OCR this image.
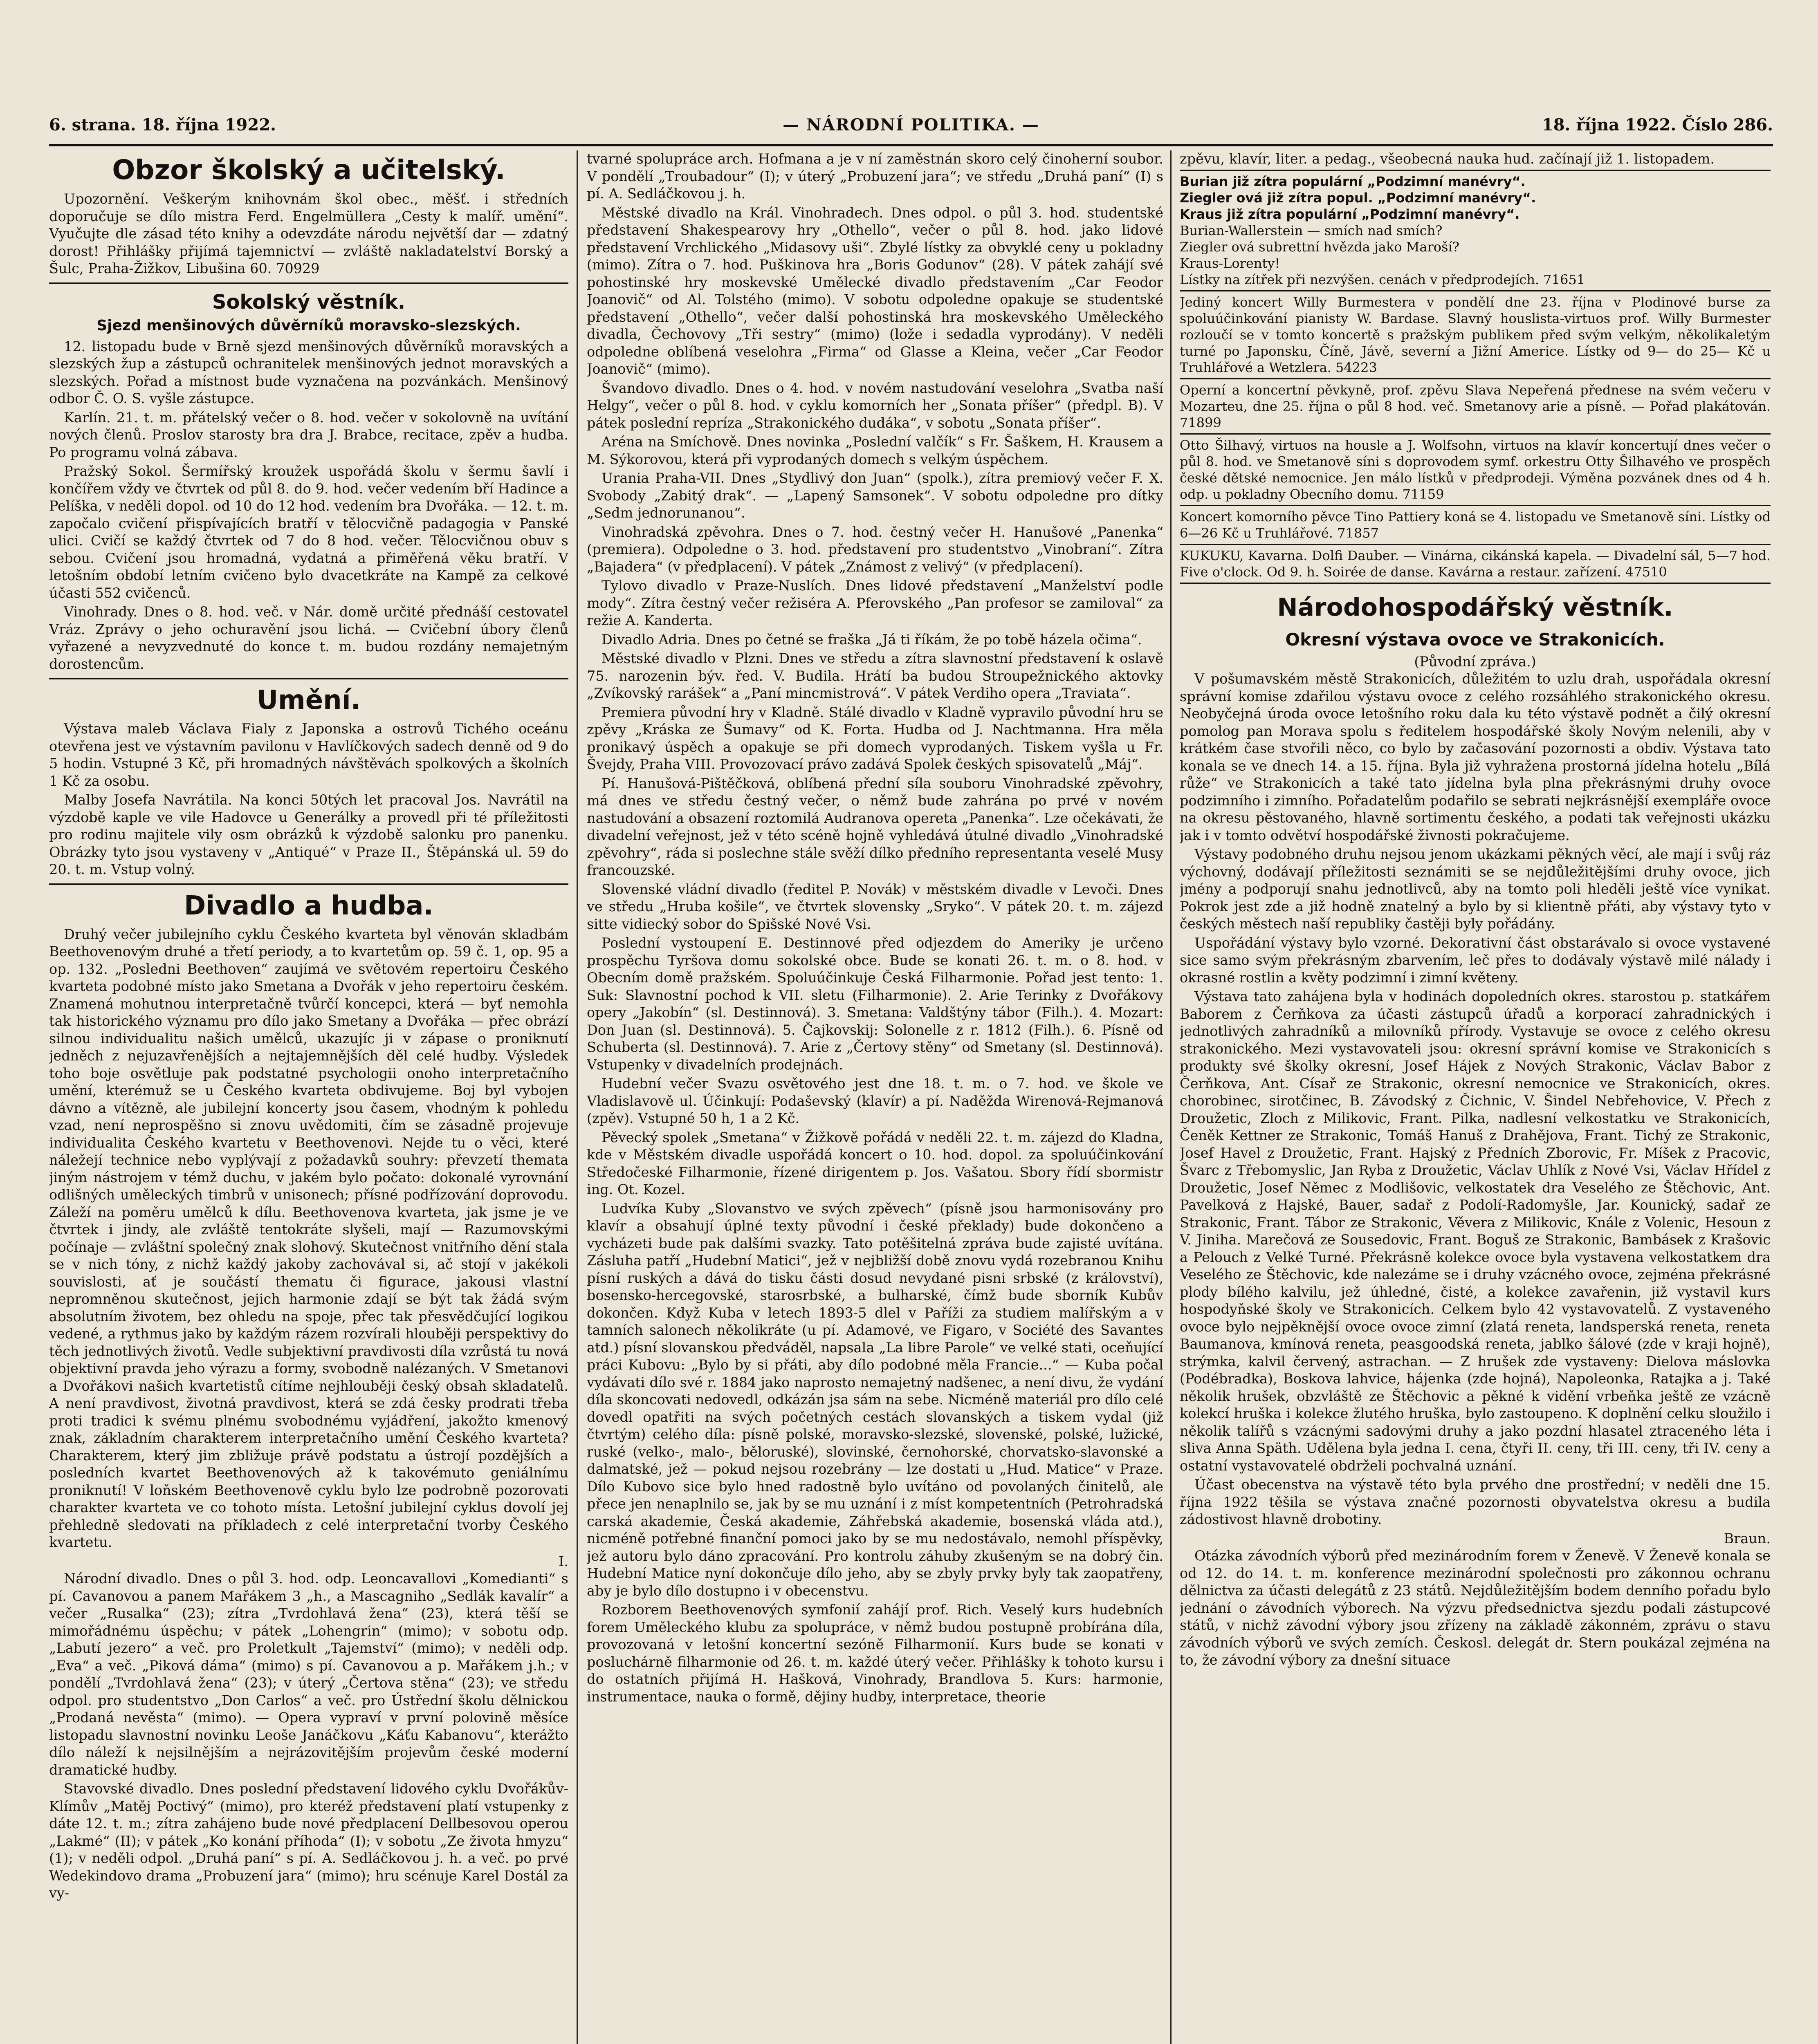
6. strana. 18. října 1922.	— NÁRODNÍ POLITIKA. —	18. října 1922. Číslo 286.
Obzor školský a učitelský.

Upozornění. Veškerým knihovnám škol obec., měšť. i středních doporučuje se dílo mistra Ferd. Engelmüllera „Cesty k malíř. umění“. Vyučujte dle zásad této knihy a odevzdáte národu největší dar — zdatný dorost! Přihlášky přijímá tajemnictví — zvláště nakladatelství Borský a Šulc, Praha-Žižkov, Libušina 60. 70929

Sokolský věstník.
Sjezd menšinových důvěrníků moravsko-slezských.

12. listopadu bude v Brně sjezd menšinových důvěrníků moravských a slezských žup a zástupců ochranitelek menšinových jednot moravských a slezských. Pořad a místnost bude vyznačena na pozvánkách. Menšinový odbor Č. O. S. vyšle zástupce.

Karlín. 21. t. m. přátelský večer o 8. hod. večer v sokolovně na uvítání nových členů. Proslov starosty bra dra J. Brabce, recitace, zpěv a hudba. Po programu volná zábava.

Pražský Sokol. Šermířský kroužek uspořádá školu v šermu šavlí i končířem vždy ve čtvrtek od půl 8. do 9. hod. večer vedením bří Hadince a Pelíška, v neděli dopol. od 10 do 12 hod. vedením bra Dvořáka. — 12. t. m. započalo cvičení přispívajících bratří v tělocvičně padagogia v Panské ulici. Cvičí se každý čtvrtek od 7 do 8 hod. večer. Tělocvičnou obuv s sebou. Cvičení jsou hromadná, vydatná a přiměřená věku bratří. V letošním období letním cvičeno bylo dvacetkráte na Kampě za celkové účasti 552 cvičenců.

Vinohrady. Dnes o 8. hod. več. v Nár. domě určité přednáší cestovatel Vráz. Zprávy o jeho ochuravění jsou lichá. — Cvičební úbory členů vyřazené a nevyzvednuté do konce t. m. budou rozdány nemajetným dorostencům.

Umění.

Výstava maleb Václava Fialy z Japonska a ostrovů Tichého oceánu otevřena jest ve výstavním pavilonu v Havlíčkových sadech denně od 9 do 5 hodin. Vstupné 3 Kč, při hromadných návštěvách spolkových a školních 1 Kč za osobu.

Malby Josefa Navrátila. Na konci 50tých let pracoval Jos. Navrátil na výzdobě kaple ve vile Hadovce u Generálky a provedl při té příležitosti pro rodinu majitele vily osm obrázků k výzdobě salonku pro panenku. Obrázky tyto jsou vystaveny v „Antiqué“ v Praze II., Štěpánská ul. 59 do 20. t. m. Vstup volný.

Divadlo a hudba.

Druhý večer jubilejního cyklu Českého kvarteta byl věnován skladbám Beethovenovým druhé a třetí periody, a to kvartetům op. 59 č. 1, op. 95 a op. 132. „Posledni Beethoven“ zaujímá ve světovém repertoiru Českého kvarteta podobné místo jako Smetana a Dvořák v jeho repertoiru českém. Znamená mohutnou interpretačně tvůrčí koncepci, která — byť nemohla tak historického významu pro dílo jako Smetany a Dvořáka — přec obrází silnou individualitu našich umělců, ukazujíc ji v zápase o proniknutí jedněch z nejuzavřenějších a nejtajemnějších děl celé hudby. Výsledek toho boje osvětluje pak podstatné psychologii onoho interpretačního umění, kterémuž se u Českého kvarteta obdivujeme. Boj byl vybojen dávno a vítězně, ale jubilejní koncerty jsou časem, vhodným k pohledu vzad, není neprospěšno si znovu uvědomiti, čím se zásadně projevuje individualita Českého kvartetu v Beethovenovi. Nejde tu o věci, které náležejí technice nebo vyplývají z požadavků souhry: převzetí themata jiným nástrojem v témž duchu, v jakém bylo počato: dokonalé vyrovnání odlišných uměleckých timbrů v unisonech; přísné podřízování doprovodu. Záleží na poměru umělců k dílu. Beethovenova kvarteta, jak jsme je ve čtvrtek i jindy, ale zvláště tentokráte slyšeli, mají — Razumovskými počínaje — zvláštní společný znak slohový. Skutečnost vnitřního dění stala se v nich tóny, z nichž každý jakoby zachovával si, ač stojí v jakékoli souvislosti, ať je součástí thematu či figurace, jakousi vlastní nepromněnou skutečnost, jejich harmonie zdají se být tak žádá svým absolutním životem, bez ohledu na spoje, přec tak přesvědčující logikou vedené, a rythmus jako by každým rázem rozvírali hlouběji perspektivy do těch jednotlivých životů. Vedle subjektivní pravdivosti díla vzrůstá tu nová objektivní pravda jeho výrazu a formy, svobodně nalézaných. V Smetanovi a Dvořákovi našich kvartetistů cítíme nejhlouběji český obsah skladatelů. A není pravdivost, životná pravdivost, která se zdá česky prodrati třeba proti tradici k svému plnému svobodnému vyjádření, jakožto kmenový znak, základním charakterem interpretačního umění Českého kvarteta? Charakterem, který jim zbližuje právě podstatu a ústrojí pozdějších a posledních kvartet Beethovenových až k takovémuto geniálnímu proniknutí! V loňském Beethovenově cyklu bylo lze podrobně pozorovati charakter kvarteta ve co tohoto místa. Letošní jubilejní cyklus dovolí jej přehledně sledovati na příkladech z celé interpretační tvorby Českého kvartetu.

I.

Národní divadlo. Dnes o půl 3. hod. odp. Leoncavallovi „Komedianti“ s pí. Cavanovou a panem Mařákem 3 „h., a Mascagniho „Sedlák kavalír“ a večer „Rusalka“ (23); zítra „Tvrdohlavá žena“ (23), která těší se mimořádnému úspěchu; v pátek „Lohengrin“ (mimo); v sobotu odp. „Labutí jezero“ a več. pro Proletkult „Tajemství“ (mimo); v neděli odp. „Eva“ a več. „Piková dáma“ (mimo) s pí. Cavanovou a p. Mařákem j.h.; v pondělí „Tvrdohlavá žena“ (23); v úterý „Čertova stěna“ (23); ve středu odpol. pro studentstvo „Don Carlos“ a več. pro Ústřední školu dělnickou „Prodaná nevěsta“ (mimo). — Opera vypraví v první polovině měsíce listopadu slavnostní novinku Leoše Janáčkovu „Káťu Kabanovu“, kterážto dílo náleží k nejsilnějším a nejrázovitějším projevům české moderní dramatické hudby.

Stavovské divadlo. Dnes poslední představení lidového cyklu Dvořákův-Klímův „Matěj Poctivý“ (mimo), pro kteréž představení platí vstupenky z dáte 12. t. m.; zítra zahájeno bude nové předplacení Dellbesovou operou „Lakmé“ (II); v pátek „Ko konání příhoda“ (I); v sobotu „Ze života hmyzu“ (1); v neděli odpol. „Druhá paní“ s pí. A. Sedláčkovou j. h. a več. po prvé Wedekindovo drama „Probuzení jara“ (mimo); hru scénuje Karel Dostál za vy-

tvarné spolupráce arch. Hofmana a je v ní zaměstnán skoro celý činoherní soubor. V pondělí „Troubadour“ (I); v úterý „Probuzení jara“; ve středu „Druhá paní“ (I) s pí. A. Sedláčkovou j. h.

Městské divadlo na Král. Vinohradech. Dnes odpol. o půl 3. hod. studentské představení Shakespearovy hry „Othello“, večer o půl 8. hod. jako lidové představení Vrchlického „Midasovy uši“. Zbylé lístky za obvyklé ceny u pokladny (mimo). Zítra o 7. hod. Puškinova hra „Boris Godunov“ (28). V pátek zahájí své pohostinské hry moskevské Umělecké divadlo představením „Car Feodor Joanovič“ od Al. Tolstého (mimo). V sobotu odpoledne opakuje se studentské představení „Othello“, večer další pohostinská hra moskevského Uměleckého divadla, Čechovovy „Tři sestry“ (mimo) (lože i sedadla vyprodány). V neděli odpoledne oblíbená veselohra „Firma“ od Glasse a Kleina, večer „Car Feodor Joanovič“ (mimo).

Švandovo divadlo. Dnes o 4. hod. v novém nastudování veselohra „Svatba naší Helgy“, večer o půl 8. hod. v cyklu komorních her „Sonata příšer“ (předpl. B). V pátek poslední repríza „Strakonického dudáka“, v sobotu „Sonata příšer“.

Aréna na Smíchově. Dnes novinka „Poslední valčík“ s Fr. Šaškem, H. Krausem a M. Sýkorovou, která při vyprodaných domech s velkým úspěchem.

Urania Praha-VII. Dnes „Stydlivý don Juan“ (spolk.), zítra premiový večer F. X. Svobody „Zabitý drak“. — „Lapený Samsonek“. V sobotu odpoledne pro dítky „Sedm jednorunanou“.

Vinohradská zpěvohra. Dnes o 7. hod. čestný večer H. Hanušové „Panenka“ (premiera). Odpoledne o 3. hod. představení pro studentstvo „Vinobraní“. Zítra „Bajadera“ (v předplacení). V pátek „Známost z velivý“ (v předplacení).

Tylovo divadlo v Praze-Nuslích. Dnes lidové představení „Manželství podle mody“. Zítra čestný večer režiséra A. Pferovského „Pan profesor se zamiloval“ za režie A. Kanderta.

Divadlo Adria. Dnes po četné se fraška „Já ti říkám, že po tobě házela očima“.

Městské divadlo v Plzni. Dnes ve středu a zítra slavnostní představení k oslavě 75. narozenin býv. řed. V. Budila. Hrátí ba budou Stroupežnického aktovky „Zvíkovský rarášek“ a „Paní mincmistrová“. V pátek Verdiho opera „Traviata“.

Premiera původní hry v Kladně. Stálé divadlo v Kladně vypravilo původní hru se zpěvy „Kráska ze Šumavy“ od K. Forta. Hudba od J. Nachtmanna. Hra měla pronikavý úspěch a opakuje se při domech vyprodaných. Tiskem vyšla u Fr. Švejdy, Praha VIII. Provozovací právo zadává Spolek českých spisovatelů „Máj“.

Pí. Hanušová-Pištěčková, oblíbená přední síla souboru Vinohradské zpěvohry, má dnes ve středu čestný večer, o němž bude zahrána po prvé v novém nastudování a obsazení roztomilá Audranova opereta „Panenka“. Lze očekávati, že divadelní veřejnost, jež v této scéně hojně vyhledává útulné divadlo „Vinohradské zpěvohry“, ráda si poslechne stále svěží dílko předního representanta veselé Musy francouzské.

Slovenské vládní divadlo (ředitel P. Novák) v městském divadle v Levoči. Dnes ve středu „Hruba košile“, ve čtvrtek slovensky „Sryko“. V pátek 20. t. m. zájezd sitte vidiecký sobor do Spišské Nové Vsi.

Poslední vystoupení E. Destinnové před odjezdem do Ameriky je určeno prospěchu Tyršova domu sokolské obce. Bude se konati 26. t. m. o 8. hod. v Obecním domě pražském. Spoluúčinkuje Česká Filharmonie. Pořad jest tento: 1. Suk: Slavnostní pochod k VII. sletu (Filharmonie). 2. Arie Terinky z Dvořákovy opery „Jakobín“ (sl. Destinnová). 3. Smetana: Valdštýny tábor (Filh.). 4. Mozart: Don Juan (sl. Destinnová). 5. Čajkovskij: Solonelle z r. 1812 (Filh.). 6. Písně od Schuberta (sl. Destinnová). 7. Arie z „Čertovy stěny“ od Smetany (sl. Destinnová). Vstupenky v divadelních prodejnách.

Hudební večer Svazu osvětového jest dne 18. t. m. o 7. hod. ve škole ve Vladislavově ul. Účinkují: Podaševský (klavír) a pí. Naděžda Wirenová-Rejmanová (zpěv). Vstupné 50 h, 1 a 2 Kč.

Pěvecký spolek „Smetana“ v Žižkově pořádá v neděli 22. t. m. zájezd do Kladna, kde v Městském divadle uspořádá koncert o 10. hod. dopol. za spoluúčinkování Středočeské Filharmonie, řízené dirigentem p. Jos. Vašatou. Sbory řídí sbormistr ing. Ot. Kozel.

Ludvíka Kuby „Slovanstvo ve svých zpěvech“ (písně jsou harmonisovány pro klavír a obsahují úplné texty původní i české překlady) bude dokončeno a vycházeti bude pak dalšími svazky. Tato potěšitelná zpráva bude zajisté uvítána. Zásluha patří „Hudební Matici“, jež v nejbližší době znovu vydá rozebranou Knihu písní ruských a dává do tisku části dosud nevydané pisni srbské (z království), bosensko-hercegovské, starosrbské, a bulharské, čímž bude sborník Kubův dokončen. Když Kuba v letech 1893-5 dlel v Paříži za studiem malířským a v tamních salonech několikráte (u pí. Adamové, ve Figaro, v Société des Savantes atd.) písní slovanskou předváděl, napsala „La libre Parole“ ve velké stati, oceňující práci Kubovu: „Bylo by si přáti, aby dílo podobné měla Francie...“ — Kuba počal vydávati dílo své r. 1884 jako naprosto nemajetný nadšenec, a není divu, že vydání díla skoncovati nedovedl, odkázán jsa sám na sebe. Nicméně materiál pro dílo celé dovedl opatřiti na svých početných cestách slovanských a tiskem vydal (již čtvrtým) celého díla: písně polské, moravsko-slezské, slovenské, polské, lužické, ruské (velko-, malo-, běloruské), slovinské, černohorské, chorvatsko-slavonské a dalmatské, jež — pokud nejsou rozebrány — lze dostati u „Hud. Matice“ v Praze. Dílo Kubovo sice bylo hned radostně bylo uvítáno od povolaných činitelů, ale přece jen nenaplnilo se, jak by se mu uznání i z míst kompetentních (Petrohradská carská akademie, Česká akademie, Záhřebská akademie, bosenská vláda atd.), nicméně potřebné finanční pomoci jako by se mu nedostávalo, nemohl příspěvky, jež autoru bylo dáno zpracování. Pro kontrolu záhuby zkušeným se na dobrý čin. Hudební Matice nyní dokončuje dílo jeho, aby se zbyly prvky byly tak zaopatřeny, aby je bylo dílo dostupno i v obecenstvu.

Rozborem Beethovenových symfonií zahájí prof. Rich. Veselý kurs hudebních forem Uměleckého klubu za spolupráce, v němž budou postupně probírána díla, provozovaná v letošní koncertní sezóně Filharmonií. Kurs bude se konati v posluchárně filharmonie od 26. t. m. každé úterý večer. Přihlášky k tohoto kursu i do ostatních přijímá H. Hašková, Vinohrady, Brandlova 5. Kurs: harmonie, instrumentace, nauka o formě, dějiny hudby, interpretace, theorie

zpěvu, klavír, liter. a pedag., všeobecná nauka hud. začínají již 1. listopadem.

Burian již zítra populární „Podzimní manévry“.
Ziegler ová již zítra popul. „Podzimní manévry“.
Kraus již zítra populární „Podzimní manévry“.
Burian-Wallerstein — smích nad smích?
Ziegler ová subrettní hvězda jako Maroší?
Kraus-Lorenty!
Lístky na zítřek při nezvýšen. cenách v předprodejích. 71651
Jediný koncert Willy Burmestera v pondělí dne 23. října v Plodinové burse za spoluúčinkování pianisty W. Bardase. Slavný houslista-virtuos prof. Willy Burmester rozloučí se v tomto koncertě s pražským publikem před svým velkým, několikaletým turné po Japonsku, Číně, Jávě, severní a Jižní Americe. Lístky od 9— do 25— Kč u Truhlářové a Wetzlera. 54223
Operní a koncertní pěvkyně, prof. zpěvu Slava Nepeřená přednese na svém večeru v Mozarteu, dne 25. října o půl 8 hod. več. Smetanovy arie a písně. — Pořad plakátován. 71899
Otto Šilhavý, virtuos na housle a J. Wolfsohn, virtuos na klavír koncertují dnes večer o půl 8. hod. ve Smetanově síni s doprovodem symf. orkestru Otty Šilhavého ve prospěch české dětské nemocnice. Jen málo lístků v předprodeji. Výměna pozvánek dnes od 4 h. odp. u pokladny Obecního domu. 71159
Koncert komorního pěvce Tino Pattiery koná se 4. listopadu ve Smetanově síni. Lístky od 6—26 Kč u Truhlářové. 71857
KUKUKU, Kavarna. Dolfi Dauber. — Vinárna, cikánská kapela. — Divadelní sál, 5—7 hod. Five o'clock. Od 9. h. Soirée de danse. Kavárna a restaur. zařízení. 47510
Národohospodářský věstník.
Okresní výstava ovoce ve Strakonicích.
(Původní zpráva.)

V pošumavském městě Strakonicích, důležitém to uzlu drah, uspořádala okresní správní komise zdařilou výstavu ovoce z celého rozsáhlého strakonického okresu. Neobyčejná úroda ovoce letošního roku dala ku této výstavě podnět a čilý okresní pomolog pan Morava spolu s ředitelem hospodářské školy Novým nelenili, aby v krátkém čase stvořili něco, co bylo by začasování pozornosti a obdiv. Výstava tato konala se ve dnech 14. a 15. října. Byla již vyhražena prostorná jídelna hotelu „Bílá růže“ ve Strakonicích a také tato jídelna byla plna překrásnými druhy ovoce podzimního i zimního. Pořadatelům podařilo se sebrati nejkrásnější exempláře ovoce na okresu pěstovaného, hlavně sortimentu českého, a podati tak veřejnosti ukázku jak i v tomto odvětví hospodářské živnosti pokračujeme.

Výstavy podobného druhu nejsou jenom ukázkami pěkných věcí, ale mají i svůj ráz výchovný, dodávají příležitosti seznámiti se se nejdůležitějšími druhy ovoce, jich jmény a podporují snahu jednotlivců, aby na tomto poli hleděli ještě více vynikat. Pokrok jest zde a již hodně znatelný a bylo by si klientně přáti, aby výstavy tyto v českých městech naší republiky častěji byly pořádány.

Uspořádání výstavy bylo vzorné. Dekorativní část obstarávalo si ovoce vystavené sice samo svým překrásným zbarvením, leč přes to dodávaly výstavě milé nálady i okrasné rostlin a květy podzimní i zimní květeny.

Výstava tato zahájena byla v hodinách dopoledních okres. starostou p. statkářem Baborem z Čerňkova za účasti zástupců úřadů a korporací zahradnických i jednotlivých zahradníků a milovníků přírody. Vystavuje se ovoce z celého okresu strakonického. Mezi vystavovateli jsou: okresní správní komise ve Strakonicích s produkty své školky okresní, Josef Hájek z Nových Strakonic, Václav Babor z Čerňkova, Ant. Císař ze Strakonic, okresní nemocnice ve Strakonicích, okres. chorobinec, sirotčinec, B. Závodský z Čichnic, V. Šindel Nebřehovice, V. Přech z Droužetic, Zloch z Milikovic, Frant. Pilka, nadlesní velkostatku ve Strakonicích, Čeněk Kettner ze Strakonic, Tomáš Hanuš z Drahějova, Frant. Tichý ze Strakonic, Josef Havel z Droužetic, Frant. Hajský z Předních Zborovic, Fr. Míšek z Pracovic, Švarc z Třebomyslic, Jan Ryba z Droužetic, Václav Uhlík z Nové Vsi, Václav Hřídel z Droužetic, Josef Němec z Modlišovic, velkostatek dra Veselého ze Štěchovic, Ant. Pavelková z Hajské, Bauer, sadař z Podolí-Radomyšle, Jar. Kounický, sadař ze Strakonic, Frant. Tábor ze Strakonic, Věvera z Milikovic, Knále z Volenic, Hesoun z V. Jiniha. Marečová ze Sousedovic, Frant. Boguš ze Strakonic, Bambásek z Krašovic a Pelouch z Velké Turné. Překrásně kolekce ovoce byla vystavena velkostatkem dra Veselého ze Štěchovic, kde nalezáme se i druhy vzácného ovoce, zejména překrásné plody bílého kalvilu, jež úhledné, čisté, a kolekce zavařenin, již vystavil kurs hospodyňské školy ve Strakonicích. Celkem bylo 42 vystavovatelů. Z vystaveného ovoce bylo nejpěknější ovoce ovoce zimní (zlatá reneta, landsperská reneta, reneta Baumanova, kmínová reneta, peasgoodská reneta, jablko šálové (zde v kraji hojně), strýmka, kalvil červený, astrachan. — Z hrušek zde vystaveny: Dielova máslovka (Podébradka), Boskova lahvice, hájenka (zde hojná), Napoleonka, Ratajka a j. Také několik hrušek, obzvláště ze Štěchovic a pěkné k vidění vrbeňka ještě ze vzácně kolekcí hruška i kolekce žlutého hruška, bylo zastoupeno. K doplnění celku sloužilo i několik talířů s vzácnými sadovými druhy a jako pozdní hlasatel ztraceného léta i sliva Anna Späth. Udělena byla jedna I. cena, čtyři II. ceny, tři III. ceny, tři IV. ceny a ostatní vystavovatelé obdrželi pochvalná uznání.

Účast obecenstva na výstavě této byla prvého dne prostřední; v neděli dne 15. října 1922 těšila se výstava značné pozornosti obyvatelstva okresu a budila zádostivost hlavně drobotiny.

Braun.

Otázka závodních výborů před mezinárodním forem v Ženevě. V Ženevě konala se od 12. do 14. t. m. konference mezinárodní společnosti pro zákonnou ochranu dělnictva za účasti delegátů z 23 států. Nejdůležitějším bodem denního pořadu bylo jednání o závodních výborech. Na výzvu předsednictva sjezdu podali zástupcové států, v nichž závodní výbory jsou zřízeny na základě zákonném, zprávu o stavu závodních výborů ve svých zemích. Českosl. delegát dr. Stern poukázal zejména na to, že závodní výbory za dnešní situace
